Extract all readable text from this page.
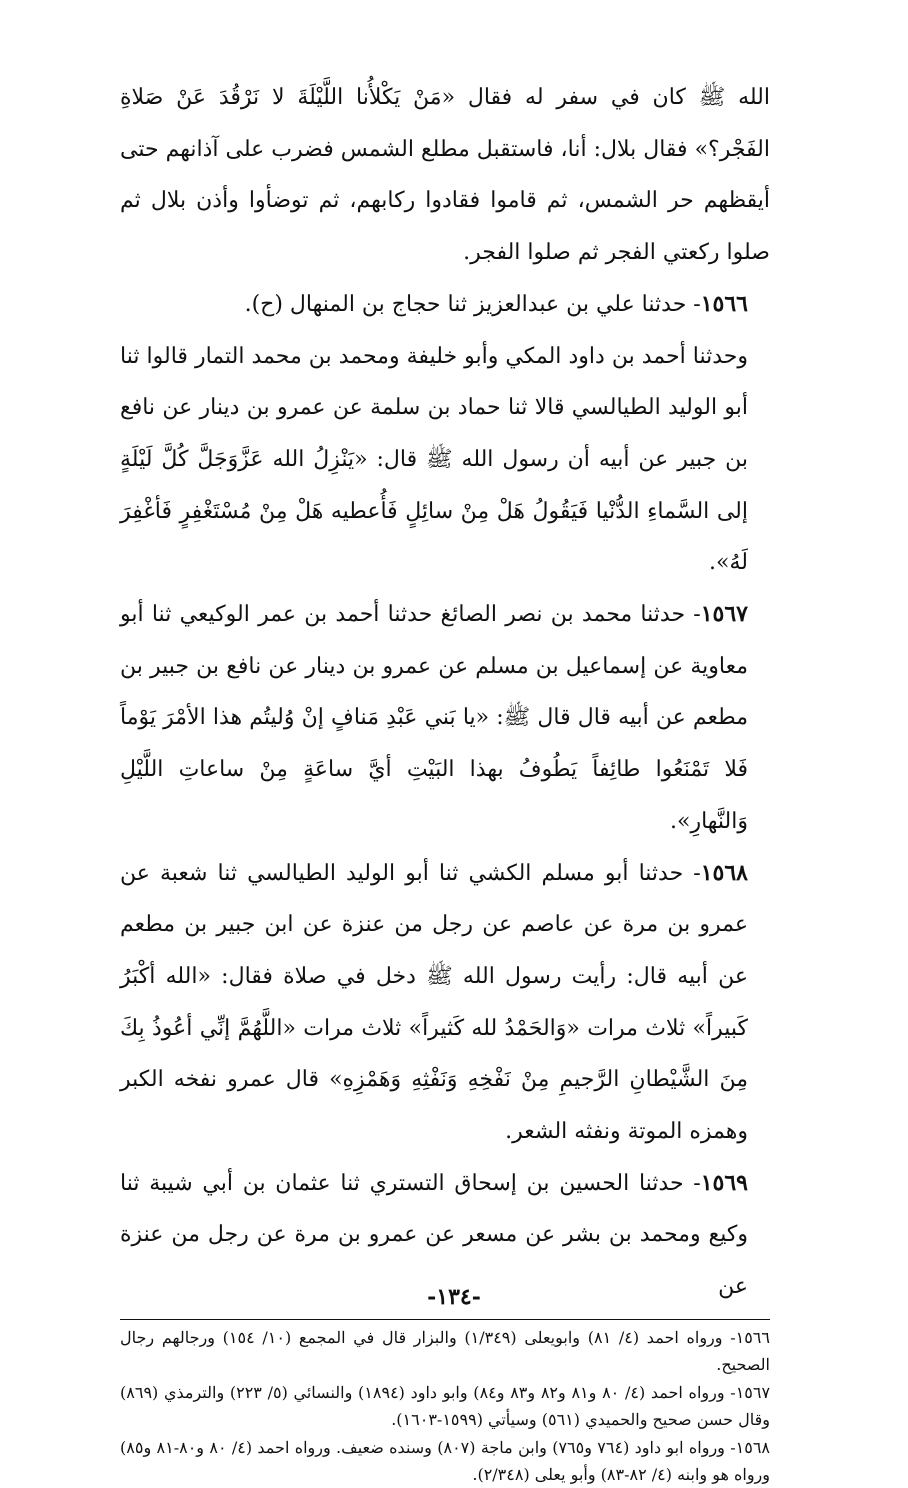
الله ﷺ كان في سفر له فقال «مَنْ يَكْلأُنا اللَّيْلَةَ لا نَرْقُدَ عَنْ صَلاةِ الفَجْر؟» فقال بلال: أنا، فاستقبل مطلع الشمس فضرب على آذانهم حتى أيقظهم حر الشمس، ثم قاموا فقادوا ركابهم، ثم توضأوا وأذن بلال ثم صلوا ركعتي الفجر ثم صلوا الفجر.

١٥٦٦- حدثنا علي بن عبدالعزيز ثنا حجاج بن المنهال (ح).

وحدثنا أحمد بن داود المكي وأبو خليفة ومحمد بن محمد التمار قالوا ثنا أبو الوليد الطيالسي قالا ثنا حماد بن سلمة عن عمرو بن دينار عن نافع بن جبير عن أبيه أن رسول الله ﷺ قال: «يَنْزِلُ الله عَزَّوَجَلَّ كُلَّ لَيْلَةٍ إلى السَّماءِ الدُّنْيا فَيَقُولُ هَلْ مِنْ سائِلٍ فَأُعطيه هَلْ مِنْ مُسْتَغْفِرٍ فَأغْفِرَ لَهُ».

١٥٦٧- حدثنا محمد بن نصر الصائغ حدثنا أحمد بن عمر الوكيعي ثنا أبو معاوية عن إسماعيل بن مسلم عن عمرو بن دينار عن نافع بن جبير بن مطعم عن أبيه قال قال ﷺ: «يا بَني عَبْدِ مَنافٍ إنْ وُليتُم هذا الأمْرَ يَوْماً فَلا تَمْنَعُوا طائِفاً يَطُوفُ بهذا البَيْتِ أيَّ ساعَةٍ مِنْ ساعاتِ اللَّيْلِ وَالنَّهارِ».

١٥٦٨- حدثنا أبو مسلم الكشي ثنا أبو الوليد الطيالسي ثنا شعبة عن عمرو بن مرة عن عاصم عن رجل من عنزة عن ابن جبير بن مطعم عن أبيه قال: رأيت رسول الله ﷺ دخل في صلاة فقال: «الله أكْبَرُ كَبيراً» ثلاث مرات «وَالحَمْدُ لله كَثيراً» ثلاث مرات «اللَّهُمَّ إنِّي أعُوذُ بِكَ مِنَ الشَّيْطانِ الرَّجيمِ مِنْ نَفْخِهِ وَنَفْثِهِ وَهَمْزِهِ» قال عمرو نفخه الكبر وهمزه الموتة ونفثه الشعر.

١٥٦٩- حدثنا الحسين بن إسحاق التستري ثنا عثمان بن أبي شيبة ثنا وكيع ومحمد بن بشر عن مسعر عن عمرو بن مرة عن رجل من عنزة عن

١٥٦٦- ورواه احمد (٤/ ٨١) وابويعلى (١/٣٤٩) والبزار قال في المجمع (١٠/ ١٥٤) ورجالهم رجال الصحيح.

١٥٦٧- ورواه احمد (٤/ ٨٠ و٨١ و٨٢ و٨٣ و٨٤) وابو داود (١٨٩٤) والنسائي (٥/ ٢٢٣) والترمذي (٨٦٩) وقال حسن صحيح والحميدي (٥٦١) وسيأتي (١٥٩٩-١٦٠٣).

١٥٦٨- ورواه ابو داود (٧٦٤ و٧٦٥) وابن ماجة (٨٠٧) وسنده ضعيف. ورواه احمد (٤/ ٨٠ و٨٠-٨١ و٨٥) ورواه هو وابنه (٤/ ٨٢-٨٣) وأبو يعلى (٢/٣٤٨).

-١٣٤-
